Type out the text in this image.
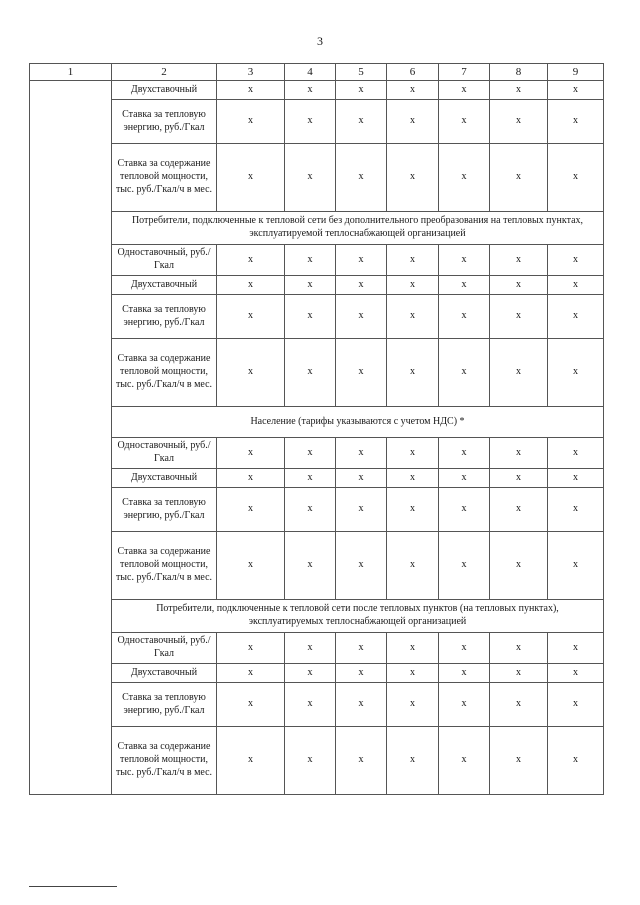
3
1	2	3	4	5	6	7	8	9
	Двухставочный	х	х	х	х	х	х	х
	Ставка за тепловую энергию, руб./Гкал	х	х	х	х	х	х	х
	Ставка за содержание тепловой мощности, тыс. руб./Гкал/ч в мес.	х	х	х	х	х	х	х
	Потребители, подключенные к тепловой сети без дополнительного преобразования на тепловых пунктах, эксплуатируемой теплоснабжающей организацией							
	Одноставочный, руб./Гкал	х	х	х	х	х	х	х
	Двухставочный	х	х	х	х	х	х	х
	Ставка за тепловую энергию, руб./Гкал	х	х	х	х	х	х	х
	Ставка за содержание тепловой мощности, тыс. руб./Гкал/ч в мес.	х	х	х	х	х	х	х
	Население (тарифы указываются с учетом НДС) *							
	Одноставочный, руб./Гкал	х	х	х	х	х	х	х
	Двухставочный	х	х	х	х	х	х	х
	Ставка за тепловую энергию, руб./Гкал	х	х	х	х	х	х	х
	Ставка за содержание тепловой мощности, тыс. руб./Гкал/ч в мес.	х	х	х	х	х	х	х
	Потребители, подключенные к тепловой сети после тепловых пунктов (на тепловых пунктах), эксплуатируемых теплоснабжающей организацией							
	Одноставочный, руб./Гкал	х	х	х	х	х	х	х
	Двухставочный	х	х	х	х	х	х	х
	Ставка за тепловую энергию, руб./Гкал	х	х	х	х	х	х	х
	Ставка за содержание тепловой мощности, тыс. руб./Гкал/ч в мес.	х	х	х	х	х	х	х
